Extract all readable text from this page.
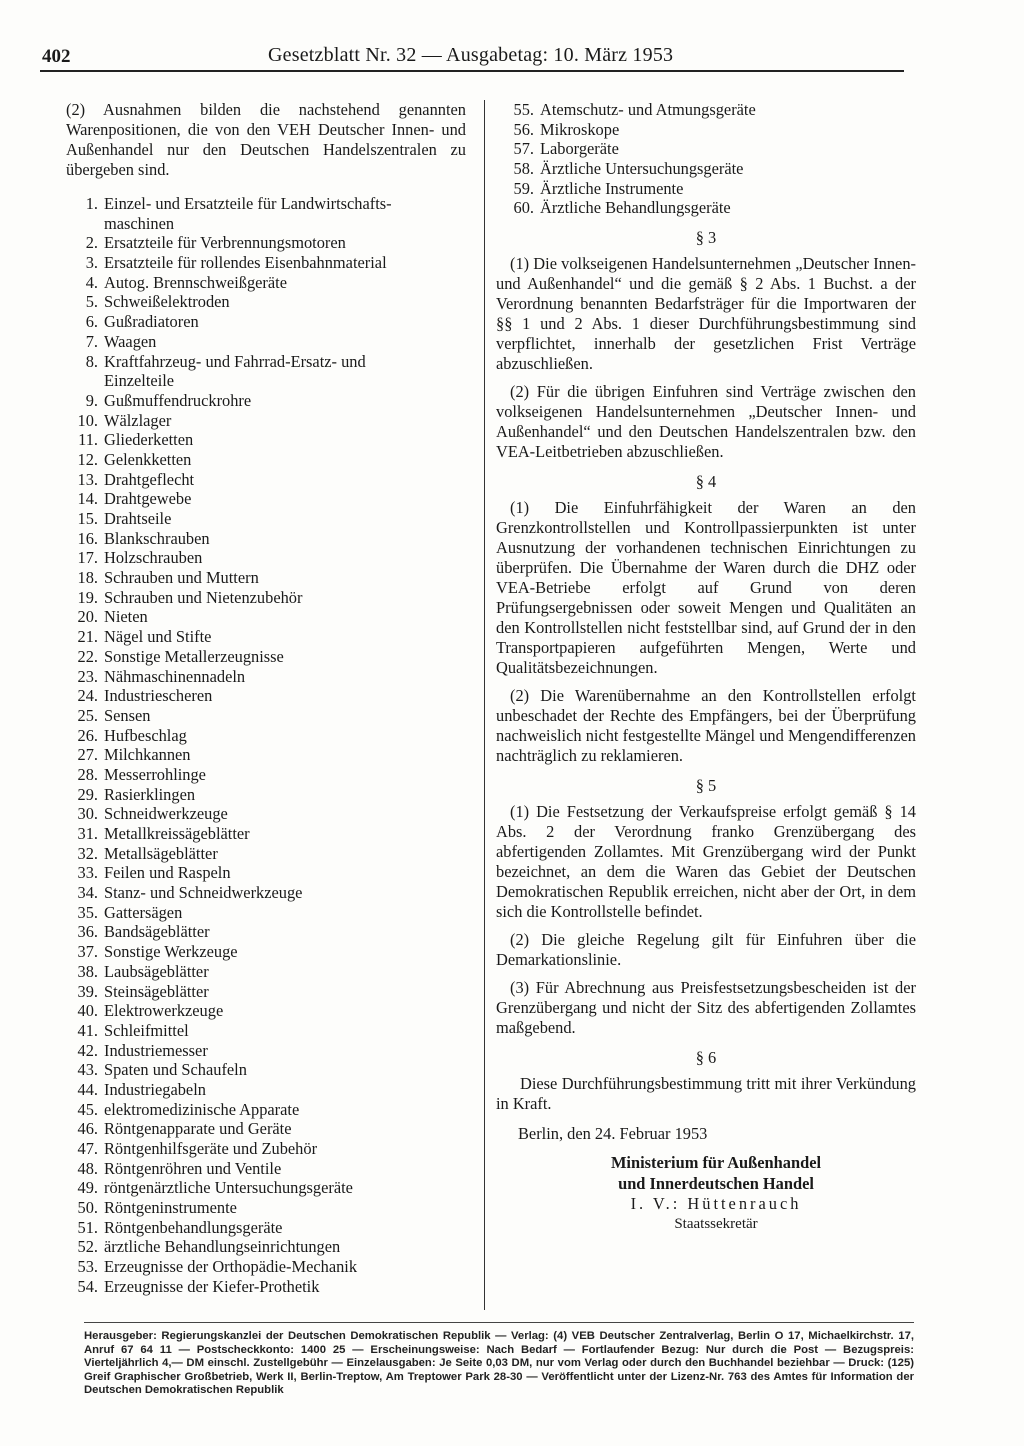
402	Gesetzblatt Nr. 32 — Ausgabetag: 10. März 1953

(2) Ausnahmen bilden die nachstehend genannten Warenpositionen, die von den VEH Deutscher Innen- und Außenhandel nur den Deutschen Handelszentralen zu übergeben sind.

1. Einzel- und Ersatzteile für Landwirtschafts-
maschinen
2. Ersatzteile für Verbrennungsmotoren
3. Ersatzteile für rollendes Eisenbahnmaterial
4. Autog. Brennschweißgeräte
5. Schweißelektroden
6. Gußradiatoren
7. Waagen
8. Kraftfahrzeug- und Fahrrad-Ersatz- und
Einzelteile
9. Gußmuffendruckrohre
10. Wälzlager
11. Gliederketten
12. Gelenkketten
13. Drahtgeflecht
14. Drahtgewebe
15. Drahtseile
16. Blankschrauben
17. Holzschrauben
18. Schrauben und Muttern
19. Schrauben und Nietenzubehör
20. Nieten
21. Nägel und Stifte
22. Sonstige Metallerzeugnisse
23. Nähmaschinennadeln
24. Industriescheren
25. Sensen
26. Hufbeschlag
27. Milchkannen
28. Messerrohlinge
29. Rasierklingen
30. Schneidwerkzeuge
31. Metallkreissägeblätter
32. Metallsägeblätter
33. Feilen und Raspeln
34. Stanz- und Schneidwerkzeuge
35. Gattersägen
36. Bandsägeblätter
37. Sonstige Werkzeuge
38. Laubsägeblätter
39. Steinsägeblätter
40. Elektrowerkzeuge
41. Schleifmittel
42. Industriemesser
43. Spaten und Schaufeln
44. Industriegabeln
45. elektromedizinische Apparate
46. Röntgenapparate und Geräte
47. Röntgenhilfsgeräte und Zubehör
48. Röntgenröhren und Ventile
49. röntgenärztliche Untersuchungsgeräte
50. Röntgeninstrumente
51. Röntgenbehandlungsgeräte
52. ärztliche Behandlungseinrichtungen
53. Erzeugnisse der Orthopädie-Mechanik
54. Erzeugnisse der Kiefer-Prothetik
55. Atemschutz- und Atmungsgeräte
56. Mikroskope
57. Laborgeräte
58. Ärztliche Untersuchungsgeräte
59. Ärztliche Instrumente
60. Ärztliche Behandlungsgeräte
§ 3

(1) Die volkseigenen Handelsunternehmen „Deutscher Innen- und Außenhandel“ und die gemäß § 2 Abs. 1 Buchst. a der Verordnung benannten Bedarfsträger für die Importwaren der §§ 1 und 2 Abs. 1 dieser Durchführungsbestimmung sind verpflichtet, innerhalb der gesetzlichen Frist Verträge abzuschließen.

(2) Für die übrigen Einfuhren sind Verträge zwischen den volkseigenen Handelsunternehmen „Deutscher Innen- und Außenhandel“ und den Deutschen Handelszentralen bzw. den VEA-Leitbetrieben abzuschließen.

§ 4

(1) Die Einfuhrfähigkeit der Waren an den Grenzkontrollstellen und Kontrollpassierpunkten ist unter Ausnutzung der vorhandenen technischen Einrichtungen zu überprüfen. Die Übernahme der Waren durch die DHZ oder VEA-Betriebe erfolgt auf Grund von deren Prüfungsergebnissen oder soweit Mengen und Qualitäten an den Kontrollstellen nicht feststellbar sind, auf Grund der in den Transportpapieren aufgeführten Mengen, Werte und Qualitätsbezeichnungen.

(2) Die Warenübernahme an den Kontrollstellen erfolgt unbeschadet der Rechte des Empfängers, bei der Überprüfung nachweislich nicht festgestellte Mängel und Mengendifferenzen nachträglich zu reklamieren.

§ 5

(1) Die Festsetzung der Verkaufspreise erfolgt gemäß § 14 Abs. 2 der Verordnung franko Grenzübergang des abfertigenden Zollamtes. Mit Grenzübergang wird der Punkt bezeichnet, an dem die Waren das Gebiet der Deutschen Demokratischen Republik erreichen, nicht aber der Ort, in dem sich die Kontrollstelle befindet.

(2) Die gleiche Regelung gilt für Einfuhren über die Demarkationslinie.

(3) Für Abrechnung aus Preisfestsetzungsbescheiden ist der Grenzübergang und nicht der Sitz des abfertigenden Zollamtes maßgebend.

§ 6

Diese Durchführungsbestimmung tritt mit ihrer Verkündung in Kraft.

Berlin, den 24. Februar 1953
Ministerium für Außenhandel
und Innerdeutschen Handel
I. V.: Hüttenrauch
Staatssekretär
Herausgeber: Regierungskanzlei der Deutschen Demokratischen Republik — Verlag: (4) VEB Deutscher Zentralverlag, Berlin O 17, Michaelkirchstr. 17, Anruf 67 64 11 — Postscheckkonto: 1400 25 — Erscheinungsweise: Nach Bedarf — Fortlaufender Bezug: Nur durch die Post — Bezugspreis: Vierteljährlich 4,— DM einschl. Zustellgebühr — Einzelausgaben: Je Seite 0,03 DM, nur vom Verlag oder durch den Buchhandel beziehbar — Druck: (125) Greif Graphischer Großbetrieb, Werk II, Berlin-Treptow, Am Treptower Park 28-30 — Veröffentlicht unter der Lizenz-Nr. 763 des Amtes für Information der Deutschen Demokratischen Republik
